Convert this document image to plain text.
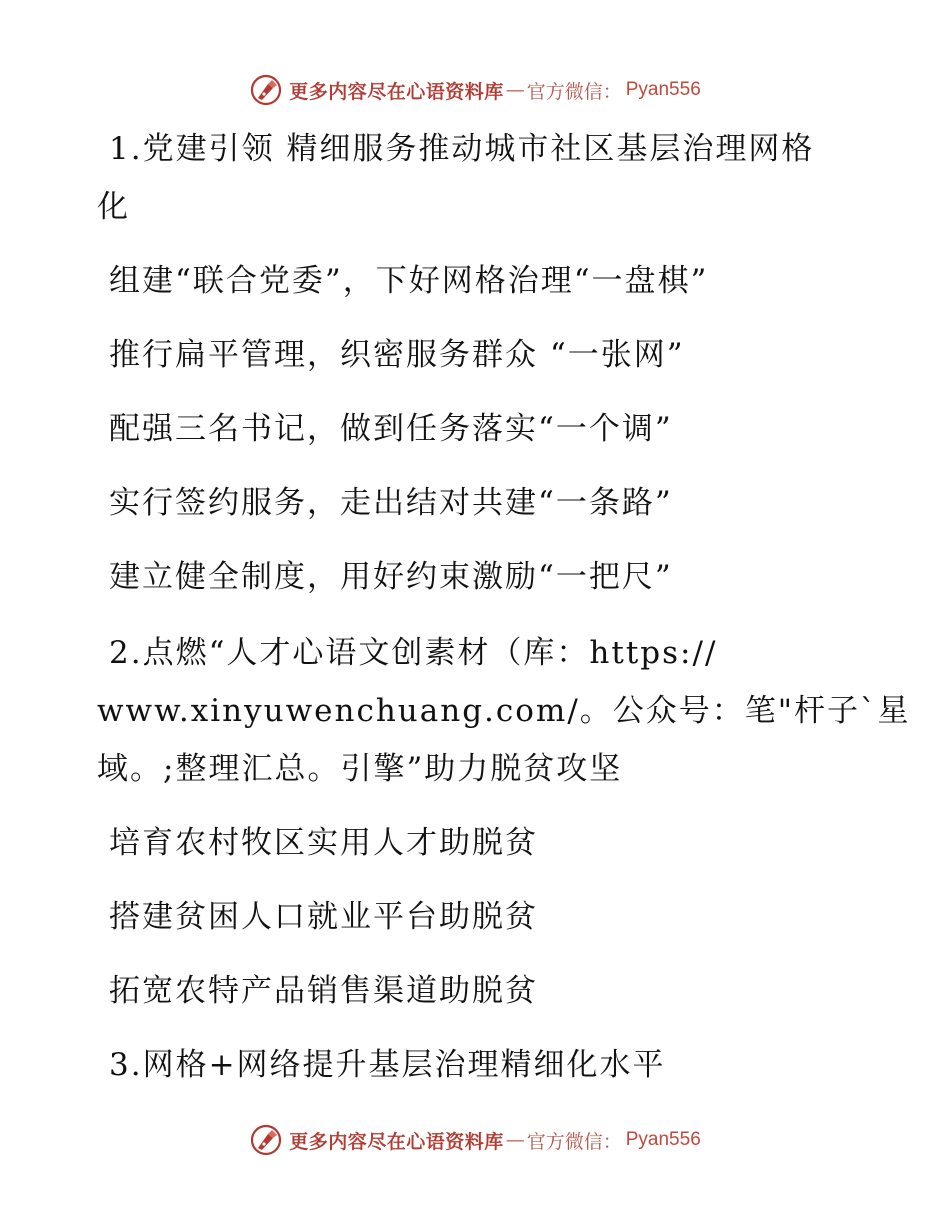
更多内容尽在心语资料库 — 官方微信： Pyan556
1.党建引领 精细服务推动城市社区基层治理网格
化
组建“联合党委”，下好网格治理“一盘棋”
推行扁平管理，织密服务群众 “一张网”
配强三名书记，做到任务落实“一个调”
实行签约服务，走出结对共建“一条路”
建立健全制度，用好约束激励“一把尺”
2.点燃“人才心语文创素材（库：https://
www.xinyuwenchuang.com/。公众号：笔"杆子`星
域。;整理汇总。引擎”助力脱贫攻坚
培育农村牧区实用人才助脱贫
搭建贫困人口就业平台助脱贫
拓宽农特产品销售渠道助脱贫
3.网格+网络提升基层治理精细化水平
更多内容尽在心语资料库 — 官方微信： Pyan556
